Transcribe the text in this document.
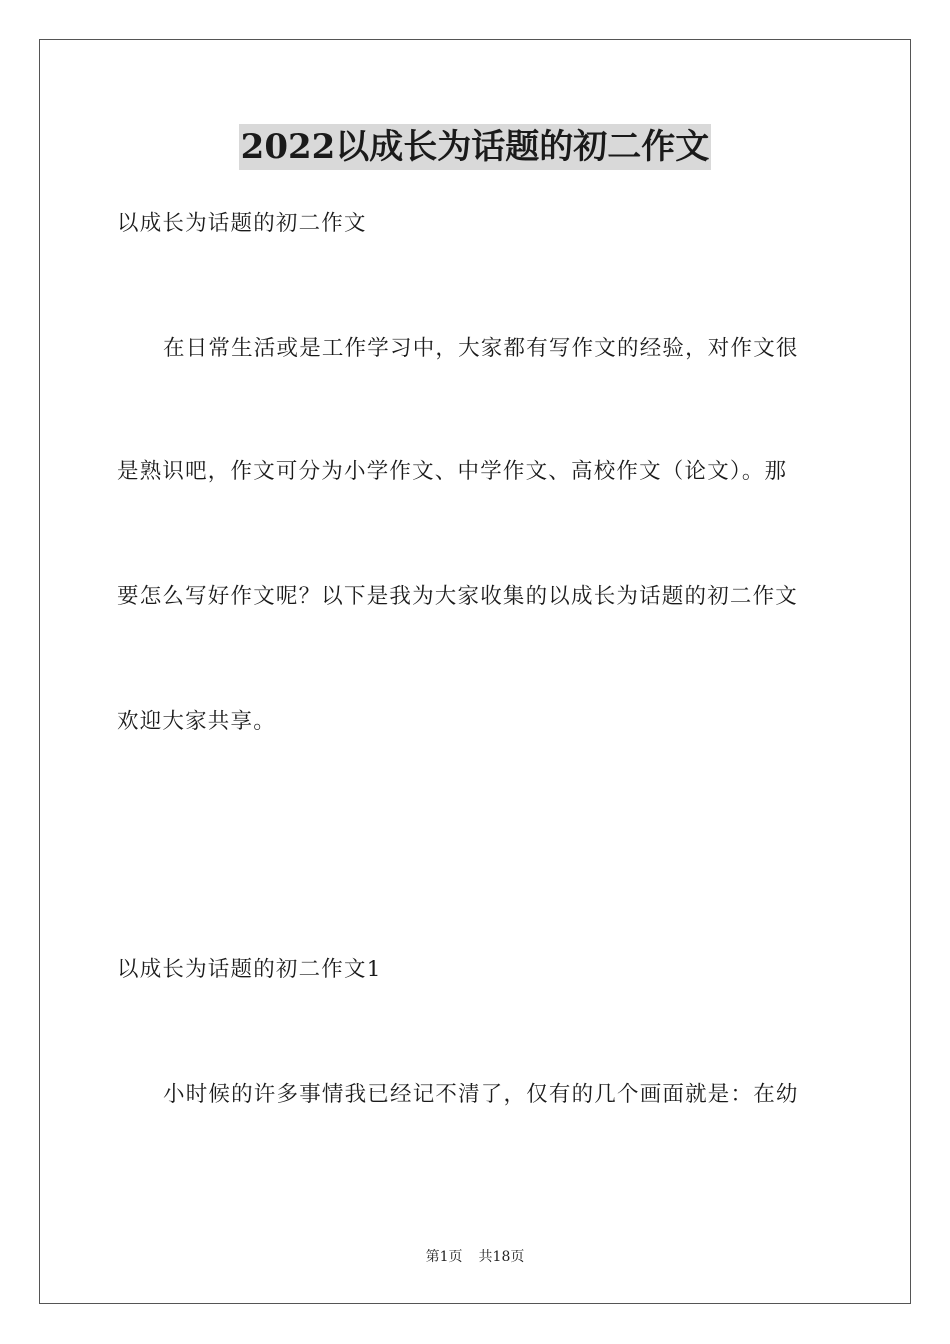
2022以成长为话题的初二作文

以成长为话题的初二作文

在日常生活或是工作学习中，大家都有写作文的经验，对作文很

是熟识吧，作文可分为小学作文、中学作文、高校作文（论文）。那

要怎么写好作文呢？以下是我为大家收集的以成长为话题的初二作文

欢迎大家共享。

以成长为话题的初二作文1

小时候的许多事情我已经记不清了，仅有的几个画面就是：在幼

第1页 共18页
